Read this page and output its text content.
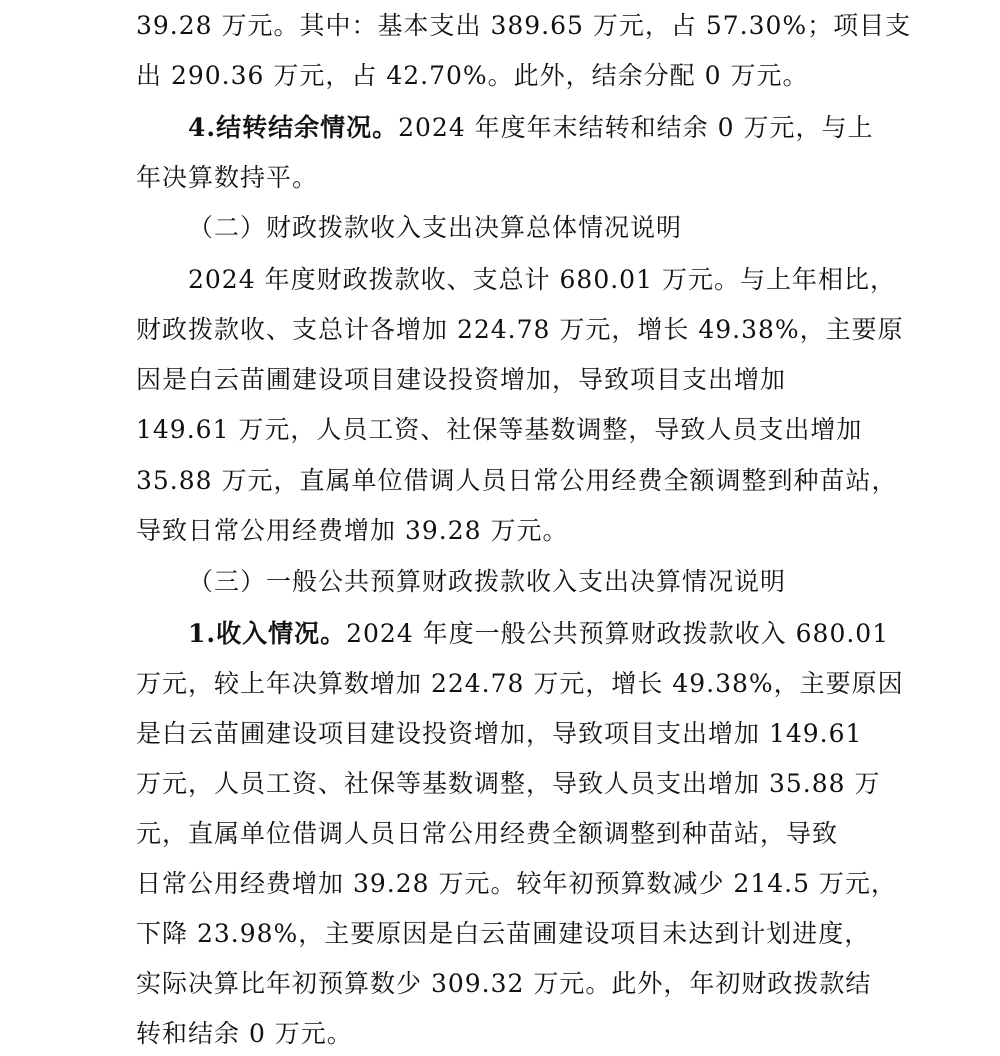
39.28 万元。其中：基本支出 389.65 万元，占 57.30%；项目支
出 290.36 万元，占 42.70%。此外，结余分配 0 万元。
4.结转结余情况。2024 年度年末结转和结余 0 万元，与上
年决算数持平。
（二）财政拨款收入支出决算总体情况说明
2024 年度财政拨款收、支总计 680.01 万元。与上年相比，
财政拨款收、支总计各增加 224.78 万元，增长 49.38%，主要原
因是白云苗圃建设项目建设投资增加，导致项目支出增加
149.61 万元，人员工资、社保等基数调整，导致人员支出增加
35.88 万元，直属单位借调人员日常公用经费全额调整到种苗站，
导致日常公用经费增加 39.28 万元。
（三）一般公共预算财政拨款收入支出决算情况说明
1.收入情况。2024 年度一般公共预算财政拨款收入 680.01
万元，较上年决算数增加 224.78 万元，增长 49.38%，主要原因
是白云苗圃建设项目建设投资增加，导致项目支出增加 149.61
万元，人员工资、社保等基数调整，导致人员支出增加 35.88 万
元，直属单位借调人员日常公用经费全额调整到种苗站，导致
日常公用经费增加 39.28 万元。较年初预算数减少 214.5 万元，
下降 23.98%，主要原因是白云苗圃建设项目未达到计划进度，
实际决算比年初预算数少 309.32 万元。此外，年初财政拨款结
转和结余 0 万元。
